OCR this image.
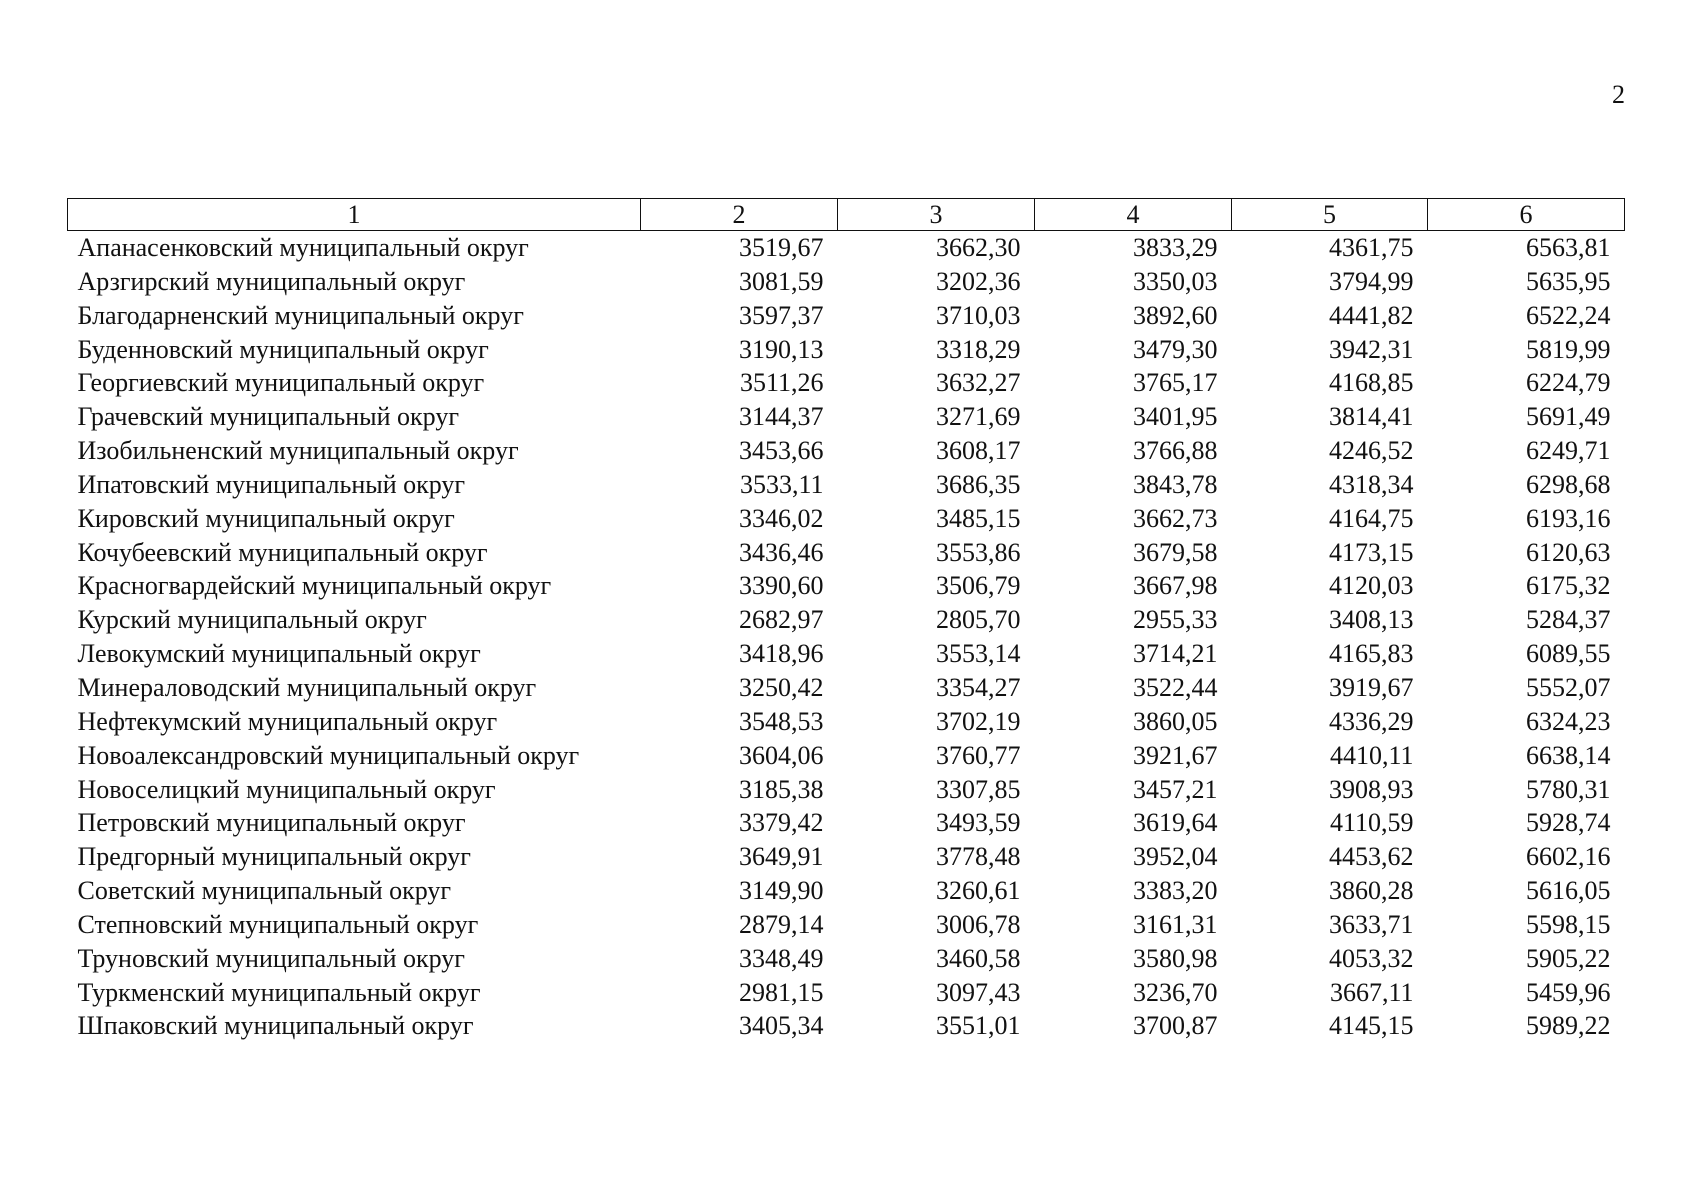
2
1	2	3	4	5	6
Апанасенковский муниципальный округ	3519,67	3662,30	3833,29	4361,75	6563,81
Арзгирский муниципальный округ	3081,59	3202,36	3350,03	3794,99	5635,95
Благодарненский муниципальный округ	3597,37	3710,03	3892,60	4441,82	6522,24
Буденновский муниципальный округ	3190,13	3318,29	3479,30	3942,31	5819,99
Георгиевский муниципальный округ	3511,26	3632,27	3765,17	4168,85	6224,79
Грачевский муниципальный округ	3144,37	3271,69	3401,95	3814,41	5691,49
Изобильненский муниципальный округ	3453,66	3608,17	3766,88	4246,52	6249,71
Ипатовский муниципальный округ	3533,11	3686,35	3843,78	4318,34	6298,68
Кировский муниципальный округ	3346,02	3485,15	3662,73	4164,75	6193,16
Кочубеевский муниципальный округ	3436,46	3553,86	3679,58	4173,15	6120,63
Красногвардейский муниципальный округ	3390,60	3506,79	3667,98	4120,03	6175,32
Курский муниципальный округ	2682,97	2805,70	2955,33	3408,13	5284,37
Левокумский муниципальный округ	3418,96	3553,14	3714,21	4165,83	6089,55
Минераловодский муниципальный округ	3250,42	3354,27	3522,44	3919,67	5552,07
Нефтекумский муниципальный округ	3548,53	3702,19	3860,05	4336,29	6324,23
Новоалександровский муниципальный округ	3604,06	3760,77	3921,67	4410,11	6638,14
Новоселицкий муниципальный округ	3185,38	3307,85	3457,21	3908,93	5780,31
Петровский муниципальный округ	3379,42	3493,59	3619,64	4110,59	5928,74
Предгорный муниципальный округ	3649,91	3778,48	3952,04	4453,62	6602,16
Советский муниципальный округ	3149,90	3260,61	3383,20	3860,28	5616,05
Степновский муниципальный округ	2879,14	3006,78	3161,31	3633,71	5598,15
Труновский муниципальный округ	3348,49	3460,58	3580,98	4053,32	5905,22
Туркменский муниципальный округ	2981,15	3097,43	3236,70	3667,11	5459,96
Шпаковский муниципальный округ	3405,34	3551,01	3700,87	4145,15	5989,22
